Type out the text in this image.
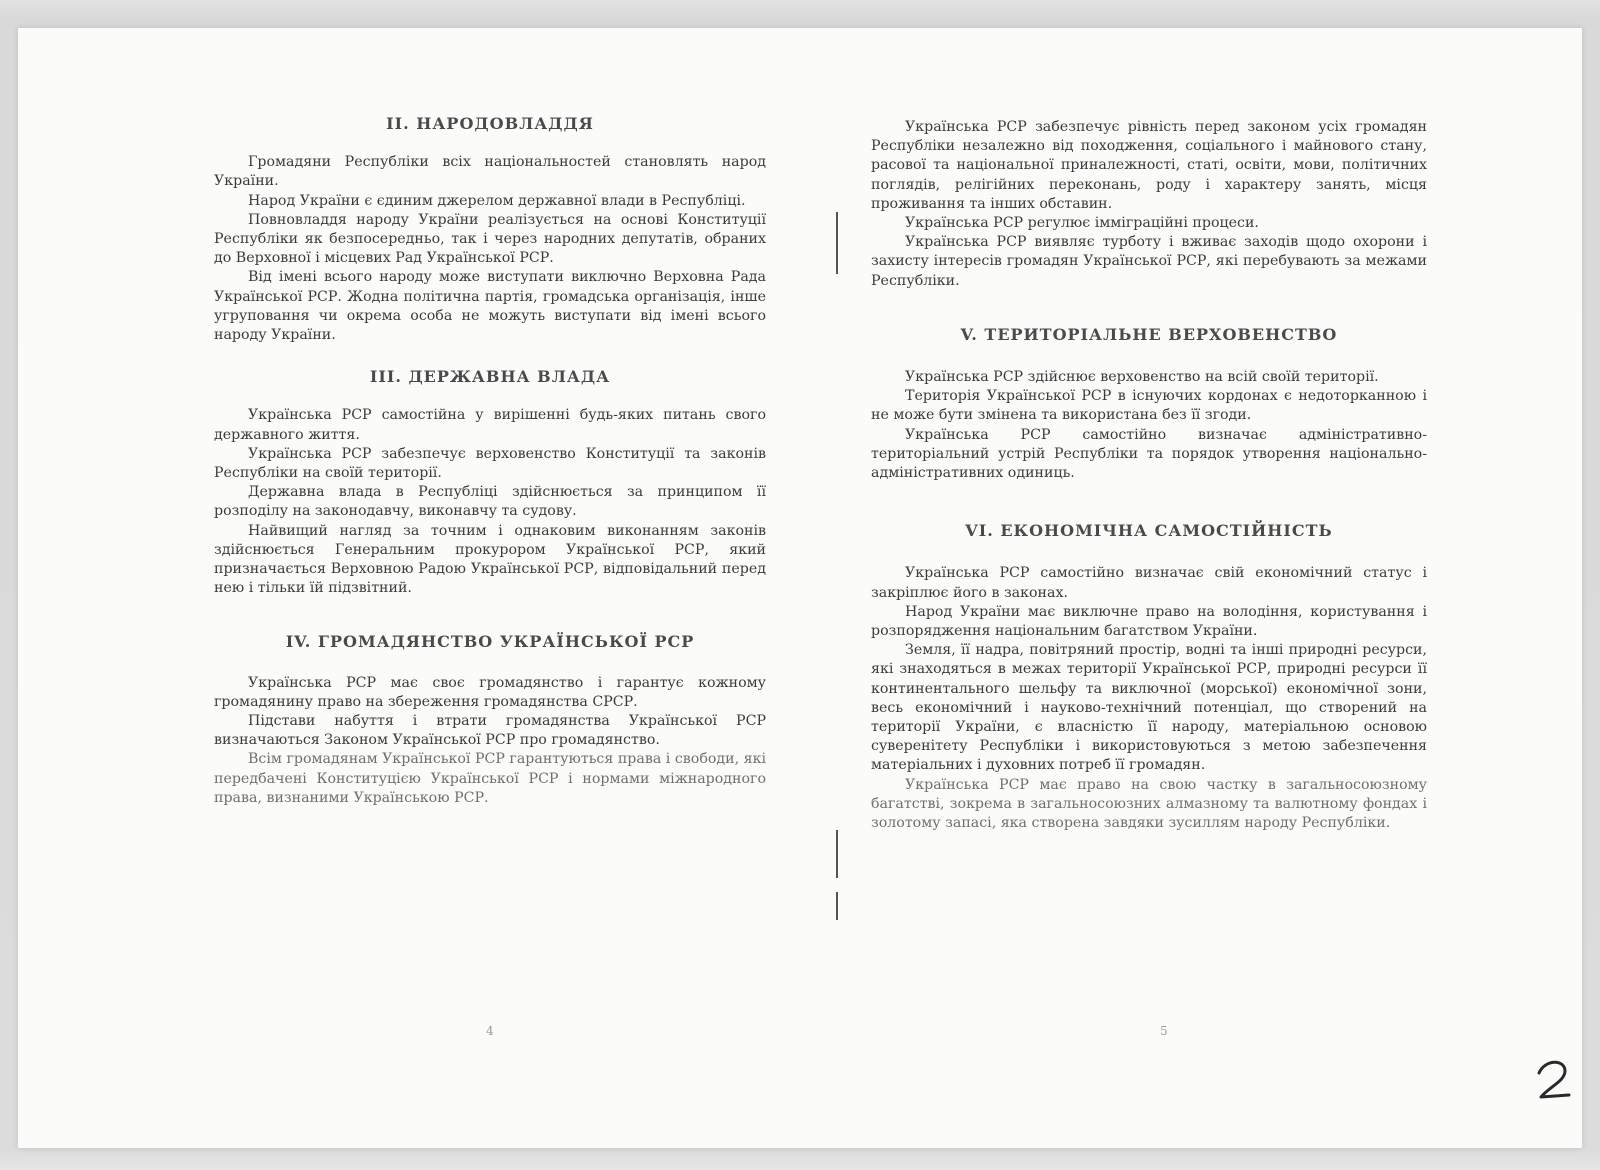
II. НАРОДОВЛАДДЯ

Громадяни Республіки всіх національностей становлять народ України.

Народ України є єдиним джерелом державної влади в Республіці.

Повновладдя народу України реалізується на основі Конституції Республіки як безпосередньо, так і через народних депутатів, обраних до Верховної і місцевих Рад Української РСР.

Від імені всього народу може виступати виключно Верховна Рада Української РСР. Жодна політична партія, громадська організація, інше угруповання чи окрема особа не можуть виступати від імені всього народу України.

III. ДЕРЖАВНА ВЛАДА

Українська РСР самостійна у вирішенні будь-яких питань свого державного життя.

Українська РСР забезпечує верховенство Конституції та законів Республіки на своїй території.

Державна влада в Республіці здійснюється за принципом її розподілу на законодавчу, виконавчу та судову.

Найвищий нагляд за точним і однаковим виконанням законів здійснюється Генеральним прокурором Української РСР, який призначається Верховною Радою Української РСР, відповідальний перед нею і тільки їй підзвітний.

IV. ГРОМАДЯНСТВО УКРАЇНСЬКОЇ РСР

Українська РСР має своє громадянство і гарантує кожному громадянину право на збереження громадянства СРСР.

Підстави набуття і втрати громадянства Української РСР визначаються Законом Української РСР про громадянство.

Всім громадянам Української РСР гарантуються права і свободи, які передбачені Конституцією Української РСР і нормами міжнародного права, визнаними Українською РСР.

4

Українська РСР забезпечує рівність перед законом усіх громадян Республіки незалежно від походження, соціального і майнового стану, расової та національної приналежності, статі, освіти, мови, політичних поглядів, релігійних переконань, роду і характеру занять, місця проживання та інших обставин.

Українська РСР регулює імміграційні процеси.

Українська РСР виявляє турботу і вживає заходів щодо охорони і захисту інтересів громадян Української РСР, які перебувають за межами Республіки.

V. ТЕРИТОРІАЛЬНЕ ВЕРХОВЕНСТВО

Українська РСР здійснює верховенство на всій своїй території.

Територія Української РСР в існуючих кордонах є недоторканною і не може бути змінена та використана без її згоди.

Українська РСР самостійно визначає адміністративно-територіальний устрій Республіки та порядок утворення національно-адміністративних одиниць.

VI. ЕКОНОМІЧНА САМОСТІЙНІСТЬ

Українська РСР самостійно визначає свій економічний статус і закріплює його в законах.

Народ України має виключне право на володіння, користування і розпорядження національним багатством України.

Земля, її надра, повітряний простір, водні та інші природні ресурси, які знаходяться в межах території Української РСР, природні ресурси її континентального шельфу та виключної (морської) економічної зони, весь економічний і науково-технічний потенціал, що створений на території України, є власністю її народу, матеріальною основою суверенітету Республіки і використовуються з метою забезпечення матеріальних і духовних потреб її громадян.

Українська РСР має право на свою частку в загальносоюзному багатстві, зокрема в загальносоюзних алмазному та валютному фондах і золотому запасі, яка створена завдяки зусиллям народу Республіки.

5
